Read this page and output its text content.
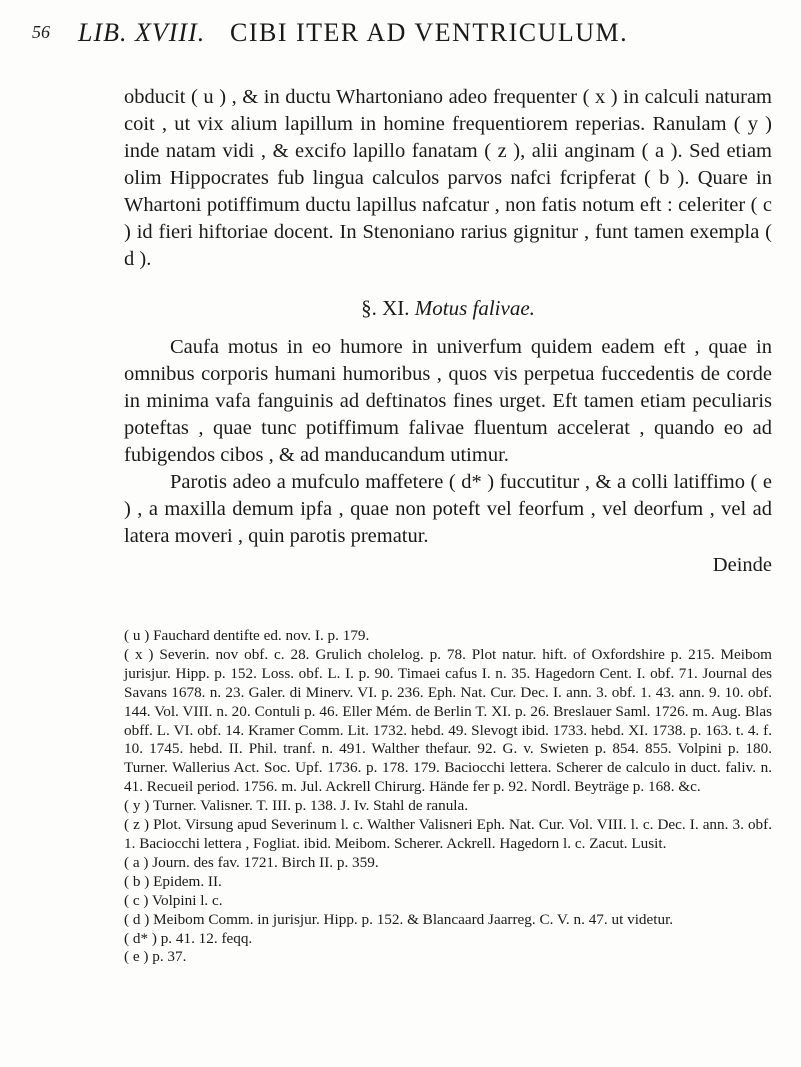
56 LIB. XVIII. CIBI ITER AD VENTRICULUM.

obducit ( u ) , & in ductu Whartoniano adeo frequenter ( x ) in calculi naturam coit , ut vix alium lapillum in homine frequentiorem reperias. Ranulam ( y ) inde natam vidi , & excifo lapillo fanatam ( z ), alii anginam ( a ). Sed etiam olim Hippocrates fub lingua calculos parvos nafci fcripferat ( b ). Quare in Whartoni potiffimum ductu lapillus nafcatur , non fatis notum eft : celeriter ( c ) id fieri hiftoriae docent. In Stenoniano rarius gignitur , funt tamen exempla ( d ).

§. XI. Motus falivae.

Caufa motus in eo humore in univerfum quidem eadem eft , quae in omnibus corporis humani humoribus , quos vis perpetua fuccedentis de corde in minima vafa fanguinis ad deftinatos fines urget. Eft tamen etiam peculiaris poteftas , quae tunc potiffimum falivae fluentum accelerat , quando eo ad fubigendos cibos , & ad manducandum utimur.

Parotis adeo a mufculo maffetere ( d* ) fuccutitur , & a colli latiffimo ( e ) , a maxilla demum ipfa , quae non poteft vel feorfum , vel deorfum , vel ad latera moveri , quin parotis prematur.

Deinde

( u ) Fauchard dentifte ed. nov. I. p. 179.

( x ) Severin. nov obf. c. 28. Grulich cholelog. p. 78. Plot natur. hift. of Oxfordshire p. 215. Meibom jurisjur. Hipp. p. 152. Loss. obf. L. I. p. 90. Timaei cafus I. n. 35. Hagedorn Cent. I. obf. 71. Journal des Savans 1678. n. 23. Galer. di Minerv. VI. p. 236. Eph. Nat. Cur. Dec. I. ann. 3. obf. 1. 43. ann. 9. 10. obf. 144. Vol. VIII. n. 20. Contuli p. 46. Eller Mém. de Berlin T. XI. p. 26. Breslauer Saml. 1726. m. Aug. Blas obff. L. VI. obf. 14. Kramer Comm. Lit. 1732. hebd. 49. Slevogt ibid. 1733. hebd. XI. 1738. p. 163. t. 4. f. 10. 1745. hebd. II. Phil. tranf. n. 491. Walther thefaur. 92. G. v. Swieten p. 854. 855. Volpini p. 180. Turner. Wallerius Act. Soc. Upf. 1736. p. 178. 179. Baciocchi lettera. Scherer de calculo in duct. faliv. n. 41. Recueil period. 1756. m. Jul. Ackrell Chirurg. Hände fer p. 92. Nordl. Beyträge p. 168. &c.

( y ) Turner. Valisner. T. III. p. 138. J. Iv. Stahl de ranula.

( z ) Plot. Virsung apud Severinum l. c. Walther Valisneri Eph. Nat. Cur. Vol. VIII. l. c. Dec. I. ann. 3. obf. 1. Baciocchi lettera , Fogliat. ibid. Meibom. Scherer. Ackrell. Hagedorn l. c. Zacut. Lusit.

( a ) Journ. des fav. 1721. Birch II. p. 359.

( b ) Epidem. II.

( c ) Volpini l. c.

( d ) Meibom Comm. in jurisjur. Hipp. p. 152. & Blancaard Jaarreg. C. V. n. 47. ut videtur.

( d* ) p. 41. 12. feqq.

( e ) p. 37.
